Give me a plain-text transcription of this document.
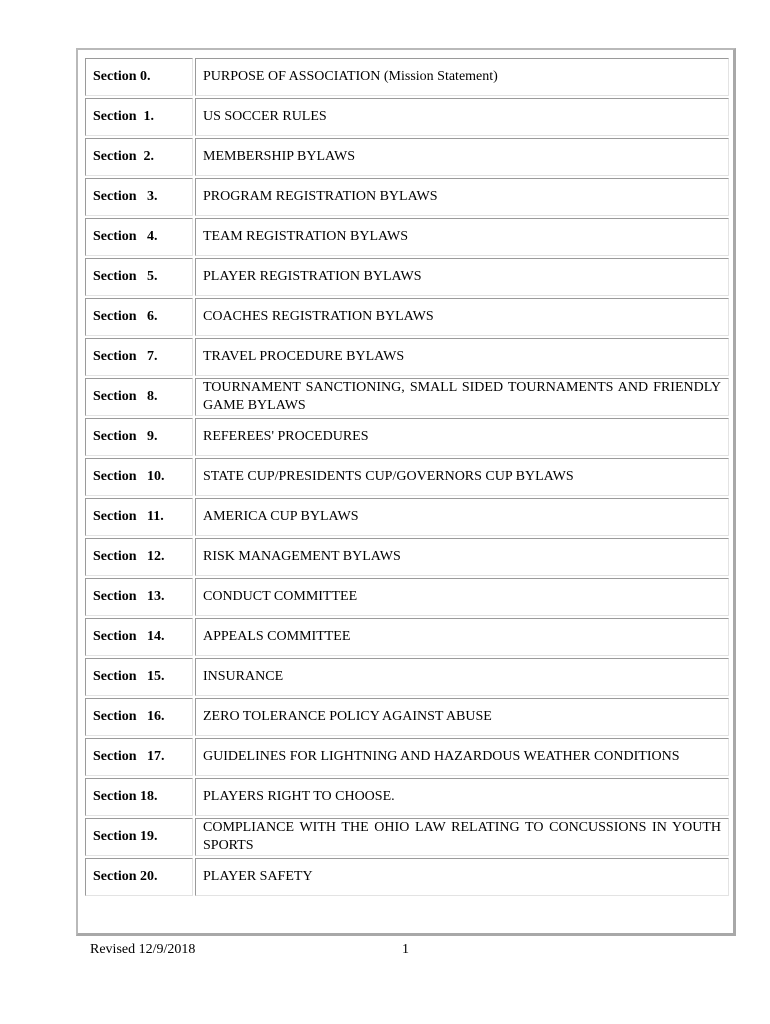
Section 0.	PURPOSE OF ASSOCIATION (Mission Statement)
Section  1.	US SOCCER RULES
Section  2.	MEMBERSHIP BYLAWS
Section   3.	PROGRAM REGISTRATION BYLAWS
Section   4.	TEAM REGISTRATION BYLAWS
Section   5.	PLAYER REGISTRATION BYLAWS
Section   6.	COACHES REGISTRATION BYLAWS
Section   7.	TRAVEL PROCEDURE BYLAWS
Section   8.	TOURNAMENT SANCTIONING, SMALL SIDED TOURNAMENTS AND FRIENDLY GAME BYLAWS
Section   9.	REFEREES' PROCEDURES
Section   10.	STATE CUP/PRESIDENTS CUP/GOVERNORS CUP BYLAWS
Section   11.	AMERICA CUP BYLAWS
Section   12.	RISK MANAGEMENT BYLAWS
Section   13.	CONDUCT COMMITTEE
Section   14.	APPEALS COMMITTEE
Section   15.	INSURANCE
Section   16.	ZERO TOLERANCE POLICY AGAINST ABUSE
Section   17.	GUIDELINES FOR LIGHTNING AND HAZARDOUS WEATHER CONDITIONS
Section 18.	PLAYERS RIGHT TO CHOOSE.
Section 19.	COMPLIANCE WITH THE OHIO LAW RELATING TO CONCUSSIONS IN YOUTH SPORTS
Section 20.	PLAYER SAFETY
Revised 12/9/2018	1
